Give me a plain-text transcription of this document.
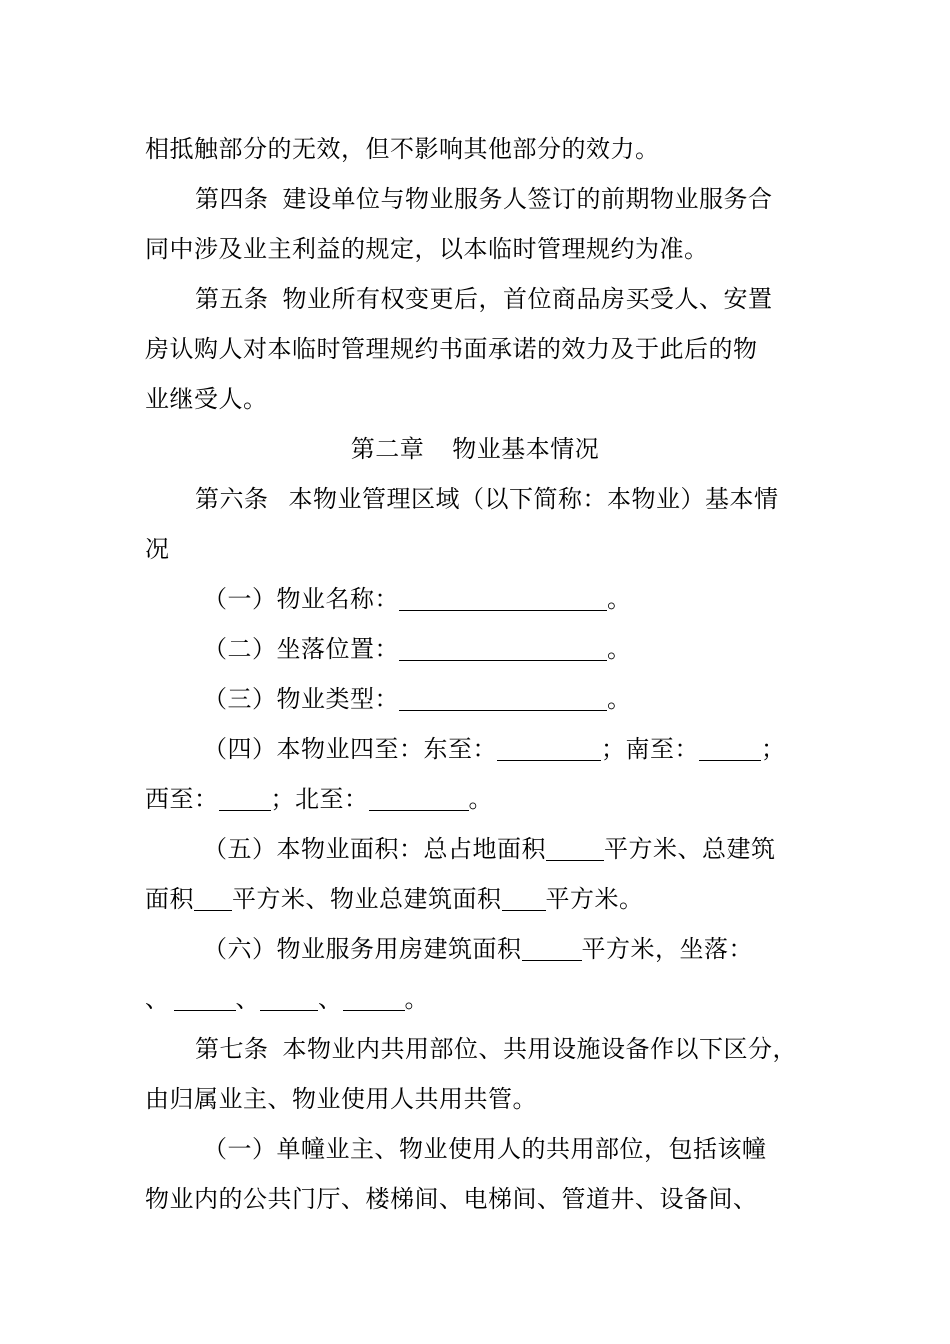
相抵触部分的无效，但不影响其他部分的效力。
第四条 建设单位与物业服务人签订的前期物业服务合
同中涉及业主利益的规定，以本临时管理规约为准。
第五条 物业所有权变更后，首位商品房买受人、安置
房认购人对本临时管理规约书面承诺的效力及于此后的物
业继受人。
第二章 物业基本情况
第六条 本物业管理区域（以下简称：本物业）基本情
况
（一）物业名称：	。
（二）坐落位置：	。
（三）物业类型：	。
（四）本物业四至：东至：	；南至：	；
西至： ；北至：	。
（五）本物业面积：总占地面积 平方米、总建筑
面积 平方米、物业总建筑面积 平方米。
（六）物业服务用房建筑面积	平方米，坐落：
、	、 、	。
第七条 本物业内共用部位、共用设施设备作以下区分，
由归属业主、物业使用人共用共管。
（一）单幢业主、物业使用人的共用部位，包括该幢
物业内的公共门厅、楼梯间、电梯间、管道井、设备间、
